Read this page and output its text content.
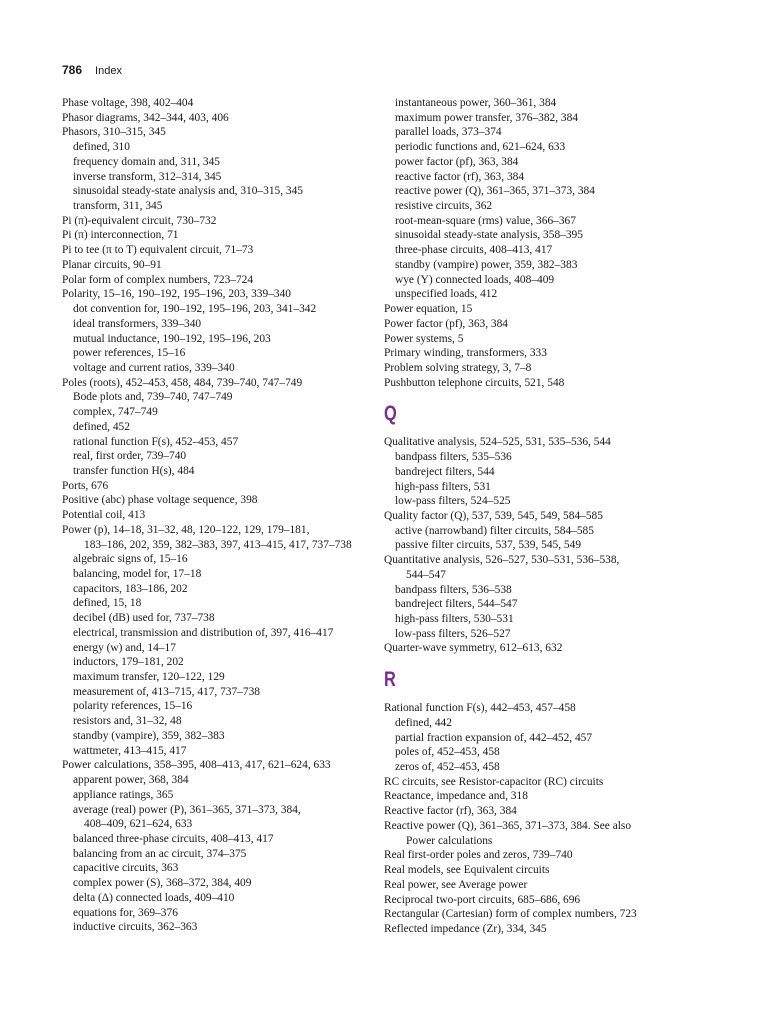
786 Index
Phase voltage, 398, 402–404
Phasor diagrams, 342–344, 403, 406
Phasors, 310–315, 345
defined, 310
frequency domain and, 311, 345
inverse transform, 312–314, 345
sinusoidal steady-state analysis and, 310–315, 345
transform, 311, 345
Pi (π)-equivalent circuit, 730–732
Pi (π) interconnection, 71
Pi to tee (π to T) equivalent circuit, 71–73
Planar circuits, 90–91
Polar form of complex numbers, 723–724
Polarity, 15–16, 190–192, 195–196, 203, 339–340
dot convention for, 190–192, 195–196, 203, 341–342
ideal transformers, 339–340
mutual inductance, 190–192, 195–196, 203
power references, 15–16
voltage and current ratios, 339–340
Poles (roots), 452–453, 458, 484, 739–740, 747–749
Bode plots and, 739–740, 747–749
complex, 747–749
defined, 452
rational function F(s), 452–453, 457
real, first order, 739–740
transfer function H(s), 484
Ports, 676
Positive (abc) phase voltage sequence, 398
Potential coil, 413
Power (p), 14–18, 31–32, 48, 120–122, 129, 179–181,
183–186, 202, 359, 382–383, 397, 413–415, 417, 737–738
algebraic signs of, 15–16
balancing, model for, 17–18
capacitors, 183–186, 202
defined, 15, 18
decibel (dB) used for, 737–738
electrical, transmission and distribution of, 397, 416–417
energy (w) and, 14–17
inductors, 179–181, 202
maximum transfer, 120–122, 129
measurement of, 413–715, 417, 737–738
polarity references, 15–16
resistors and, 31–32, 48
standby (vampire), 359, 382–383
wattmeter, 413–415, 417
Power calculations, 358–395, 408–413, 417, 621–624, 633
apparent power, 368, 384
appliance ratings, 365
average (real) power (P), 361–365, 371–373, 384,
408–409, 621–624, 633
balanced three-phase circuits, 408–413, 417
balancing from an ac circuit, 374–375
capacitive circuits, 363
complex power (S), 368–372, 384, 409
delta (Δ) connected loads, 409–410
equations for, 369–376
inductive circuits, 362–363
instantaneous power, 360–361, 384
maximum power transfer, 376–382, 384
parallel loads, 373–374
periodic functions and, 621–624, 633
power factor (pf), 363, 384
reactive factor (rf), 363, 384
reactive power (Q), 361–365, 371–373, 384
resistive circuits, 362
root-mean-square (rms) value, 366–367
sinusoidal steady-state analysis, 358–395
three-phase circuits, 408–413, 417
standby (vampire) power, 359, 382–383
wye (Y) connected loads, 408–409
unspecified loads, 412
Power equation, 15
Power factor (pf), 363, 384
Power systems, 5
Primary winding, transformers, 333
Problem solving strategy, 3, 7–8
Pushbutton telephone circuits, 521, 548
Q
Qualitative analysis, 524–525, 531, 535–536, 544
bandpass filters, 535–536
bandreject filters, 544
high-pass filters, 531
low-pass filters, 524–525
Quality factor (Q), 537, 539, 545, 549, 584–585
active (narrowband) filter circuits, 584–585
passive filter circuits, 537, 539, 545, 549
Quantitative analysis, 526–527, 530–531, 536–538,
544–547
bandpass filters, 536–538
bandreject filters, 544–547
high-pass filters, 530–531
low-pass filters, 526–527
Quarter-wave symmetry, 612–613, 632
R
Rational function F(s), 442–453, 457–458
defined, 442
partial fraction expansion of, 442–452, 457
poles of, 452–453, 458
zeros of, 452–453, 458
RC circuits, see Resistor-capacitor (RC) circuits
Reactance, impedance and, 318
Reactive factor (rf), 363, 384
Reactive power (Q), 361–365, 371–373, 384. See also
Power calculations
Real first-order poles and zeros, 739–740
Real models, see Equivalent circuits
Real power, see Average power
Reciprocal two-port circuits, 685–686, 696
Rectangular (Cartesian) form of complex numbers, 723
Reflected impedance (Zr), 334, 345
